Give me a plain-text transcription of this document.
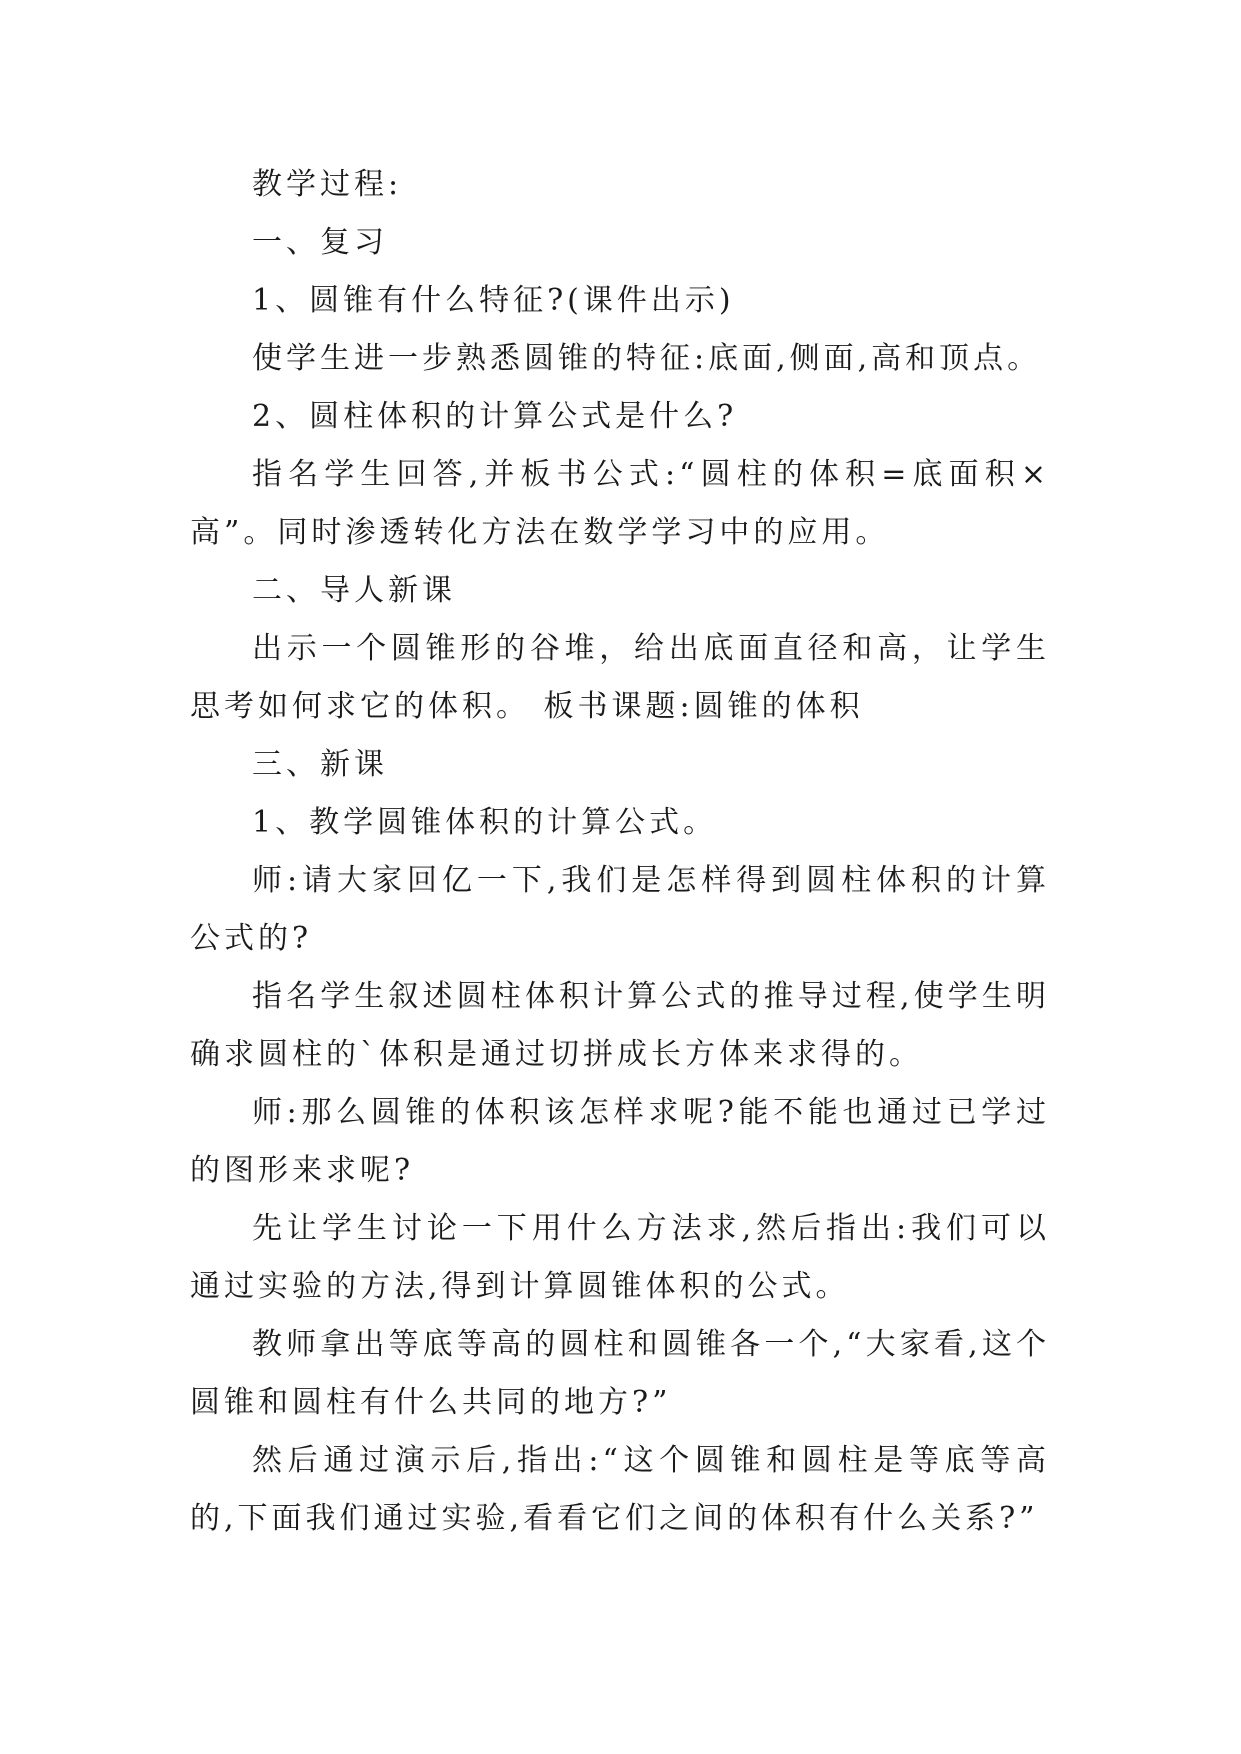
教学过程:

一、复习

1、圆锥有什么特征?(课件出示)

使学生进一步熟悉圆锥的特征:底面,侧面,高和顶点。

2、圆柱体积的计算公式是什么?

指名学生回答,并板书公式:“圆柱的体积=底面积×高”。同时渗透转化方法在数学学习中的应用。

二、导人新课

出示一个圆锥形的谷堆，给出底面直径和高，让学生思考如何求它的体积。 板书课题:圆锥的体积

三、新课

1、教学圆锥体积的计算公式。

师:请大家回亿一下,我们是怎样得到圆柱体积的计算公式的?

指名学生叙述圆柱体积计算公式的推导过程,使学生明确求圆柱的`体积是通过切拼成长方体来求得的。

师:那么圆锥的体积该怎样求呢?能不能也通过已学过的图形来求呢?

先让学生讨论一下用什么方法求,然后指出:我们可以通过实验的方法,得到计算圆锥体积的公式。

教师拿出等底等高的圆柱和圆锥各一个,“大家看,这个圆锥和圆柱有什么共同的地方?”

然后通过演示后,指出:“这个圆锥和圆柱是等底等高的,下面我们通过实验,看看它们之间的体积有什么关系?”
